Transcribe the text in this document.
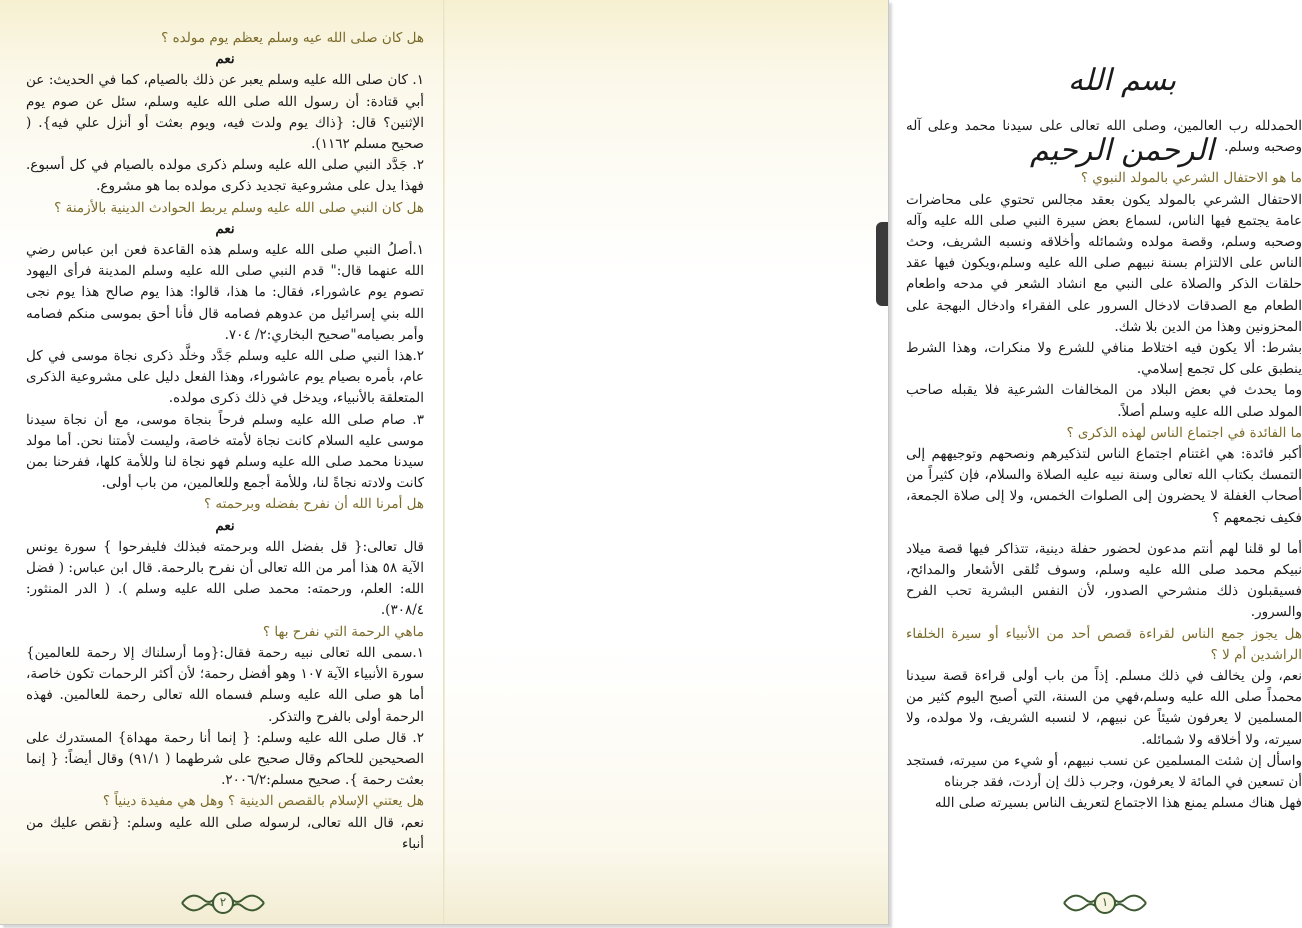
هل كان صلى الله عيه وسلم يعظم يوم مولده ؟

نعم

١. كان صلى الله عليه وسلم يعبر عن ذلك بالصيام، كما في الحديث: عن أبي قتادة: أن رسول الله صلى الله عليه وسلم، سئل عن صوم يوم الإثنين؟ قال: {ذاك يوم ولدت فيه، ويوم بعثت أو أنزل علي فيه}. ( صحيح مسلم ١١٦٢).

٢. جَدَّد النبي صلى الله عليه وسلم ذكرى مولده بالصيام في كل أسبوع. فهذا يدل على مشروعية تجديد ذكرى مولده بما هو مشروع.

هل كان النبي صلى الله عليه وسلم يربط الحوادث الدينية بالأزمنة ؟

نعم

١.أصلُ النبي صلى الله عليه وسلم هذه القاعدة فعن ابن عباس رضي الله عنهما قال:" قدم النبي صلى الله عليه وسلم المدينة فرأى اليهود تصوم يوم عاشوراء، فقال: ما هذا، قالوا: هذا يوم صالح هذا يوم نجى الله بني إسرائيل من عدوهم فصامه قال فأنا أحق بموسى منكم فصامه وأمر بصيامه"صحيح البخاري:٢/ ٧٠٤.

٢.هذا النبي صلى الله عليه وسلم جَدَّد وخلَّد ذكرى نجاة موسى في كل عام، بأمره بصيام يوم عاشوراء، وهذا الفعل دليل على مشروعية الذكرى المتعلقة بالأنبياء، ويدخل في ذلك ذكرى مولده.

٣. صام صلى الله عليه وسلم فرحاً بنجاة موسى، مع أن نجاة سيدنا موسى عليه السلام كانت نجاة لأمته خاصة، وليست لأمتنا نحن. أما مولد سيدنا محمد صلى الله عليه وسلم فهو نجاة لنا وللأمة كلها، ففرحنا بمن كانت ولادته نجاةً لنا، وللأمة أجمع وللعالمين، من باب أولى.

هل أمرنا الله أن نفرح بفضله وبرحمته ؟

نعم

قال تعالى:{ قل بفضل الله وبرحمته فبذلك فليفرحوا } سورة يونس الآية ٥٨ هذا أمر من الله تعالى أن نفرح بالرحمة. قال ابن عباس: ( فضل الله: العلم، ورحمته: محمد صلى الله عليه وسلم ). ( الدر المنثور: ٣٠٨/٤).

ماهي الرحمة التي نفرح بها ؟

١.سمى الله تعالى نبيه رحمة فقال:{وما أرسلناك إلا رحمة للعالمين} سورة الأنبياء الآية ١٠٧ وهو أفضل رحمة؛ لأن أكثر الرحمات تكون خاصة، أما هو صلى الله عليه وسلم فسماه الله تعالى رحمة للعالمين. فهذه الرحمة أولى بالفرح والتذكر.

٢. قال صلى الله عليه وسلم: { إنما أنا رحمة مهداة} المستدرك على الصحيحين للحاكم وقال صحيح على شرطهما ( ٩١/١) وقال أيضاً: { إنما بعثت رحمة }. صحيح مسلم:٢٠٠٦/٢.

هل يعتني الإسلام بالقصص الدينية ؟ وهل هي مفيدة دينياً ؟

نعم، قال الله تعالى، لرسوله صلى الله عليه وسلم: {نقص عليك من أنباء

٢
بسم الله الرحمن الرحيم

الحمدلله رب العالمين، وصلى الله تعالى على سيدنا محمد وعلى آله وصحبه وسلم.

ما هو الاحتفال الشرعي بالمولد النبوي ؟

الاحتفال الشرعي بالمولد يكون بعقد مجالس تحتوي على محاضرات عامة يجتمع فيها الناس، لسماع بعض سيرة النبي صلى الله عليه وآله وصحبه وسلم، وقصة مولده وشمائله وأخلاقه ونسبه الشريف، وحث الناس على الالتزام بسنة نبيهم صلى الله عليه وسلم،ويكون فيها عقد حلقات الذكر والصلاة على النبي مع انشاد الشعر في مدحه واطعام الطعام مع الصدقات لادخال السرور على الفقراء وادخال البهجة على المحزونين وهذا من الدين بلا شك.

بشرط: ألا يكون فيه اختلاط منافي للشرع ولا منكرات، وهذا الشرط ينطبق على كل تجمع إسلامي.

وما يحدث في بعض البلاد من المخالفات الشرعية فلا يقبله صاحب المولد صلى الله عليه وسلم أصلاً.

ما الفائدة في اجتماع الناس لهذه الذكرى ؟

أكبر فائدة: هي اغتنام اجتماع الناس لتذكيرهم ونصحهم وتوجيههم إلى التمسك بكتاب الله تعالى وسنة نبيه عليه الصلاة والسلام، فإن كثيراً من أصحاب الغفلة لا يحضرون إلى الصلوات الخمس، ولا إلى صلاة الجمعة، فكيف نجمعهم ؟

أما لو قلنا لهم أنتم مدعون لحضور حفلة دينية، تتذاكر فيها قصة ميلاد نبيكم محمد صلى الله عليه وسلم، وسوف تُلقى الأشعار والمدائح، فسيقبلون ذلك منشرحي الصدور، لأن النفس البشرية تحب الفرح والسرور.

هل يجوز جمع الناس لقراءة قصص أحد من الأنبياء أو سيرة الخلفاء الراشدين أم لا ؟

نعم، ولن يخالف في ذلك مسلم. إذاً من باب أولى قراءة قصة سيدنا محمداً صلى الله عليه وسلم،فهي من السنة، التي أصبح اليوم كثير من المسلمين لا يعرفون شيئاً عن نبيهم، لا لنسبه الشريف، ولا مولده، ولا سيرته، ولا أخلاقه ولا شمائله.

واسأل إن شئت المسلمين عن نسب نبيهم، أو شيء من سيرته، فستجد أن تسعين في المائة لا يعرفون، وجرب ذلك إن أردت، فقد جربناه

فهل هناك مسلم يمنع هذا الاجتماع لتعريف الناس بسيرته صلى الله

١
